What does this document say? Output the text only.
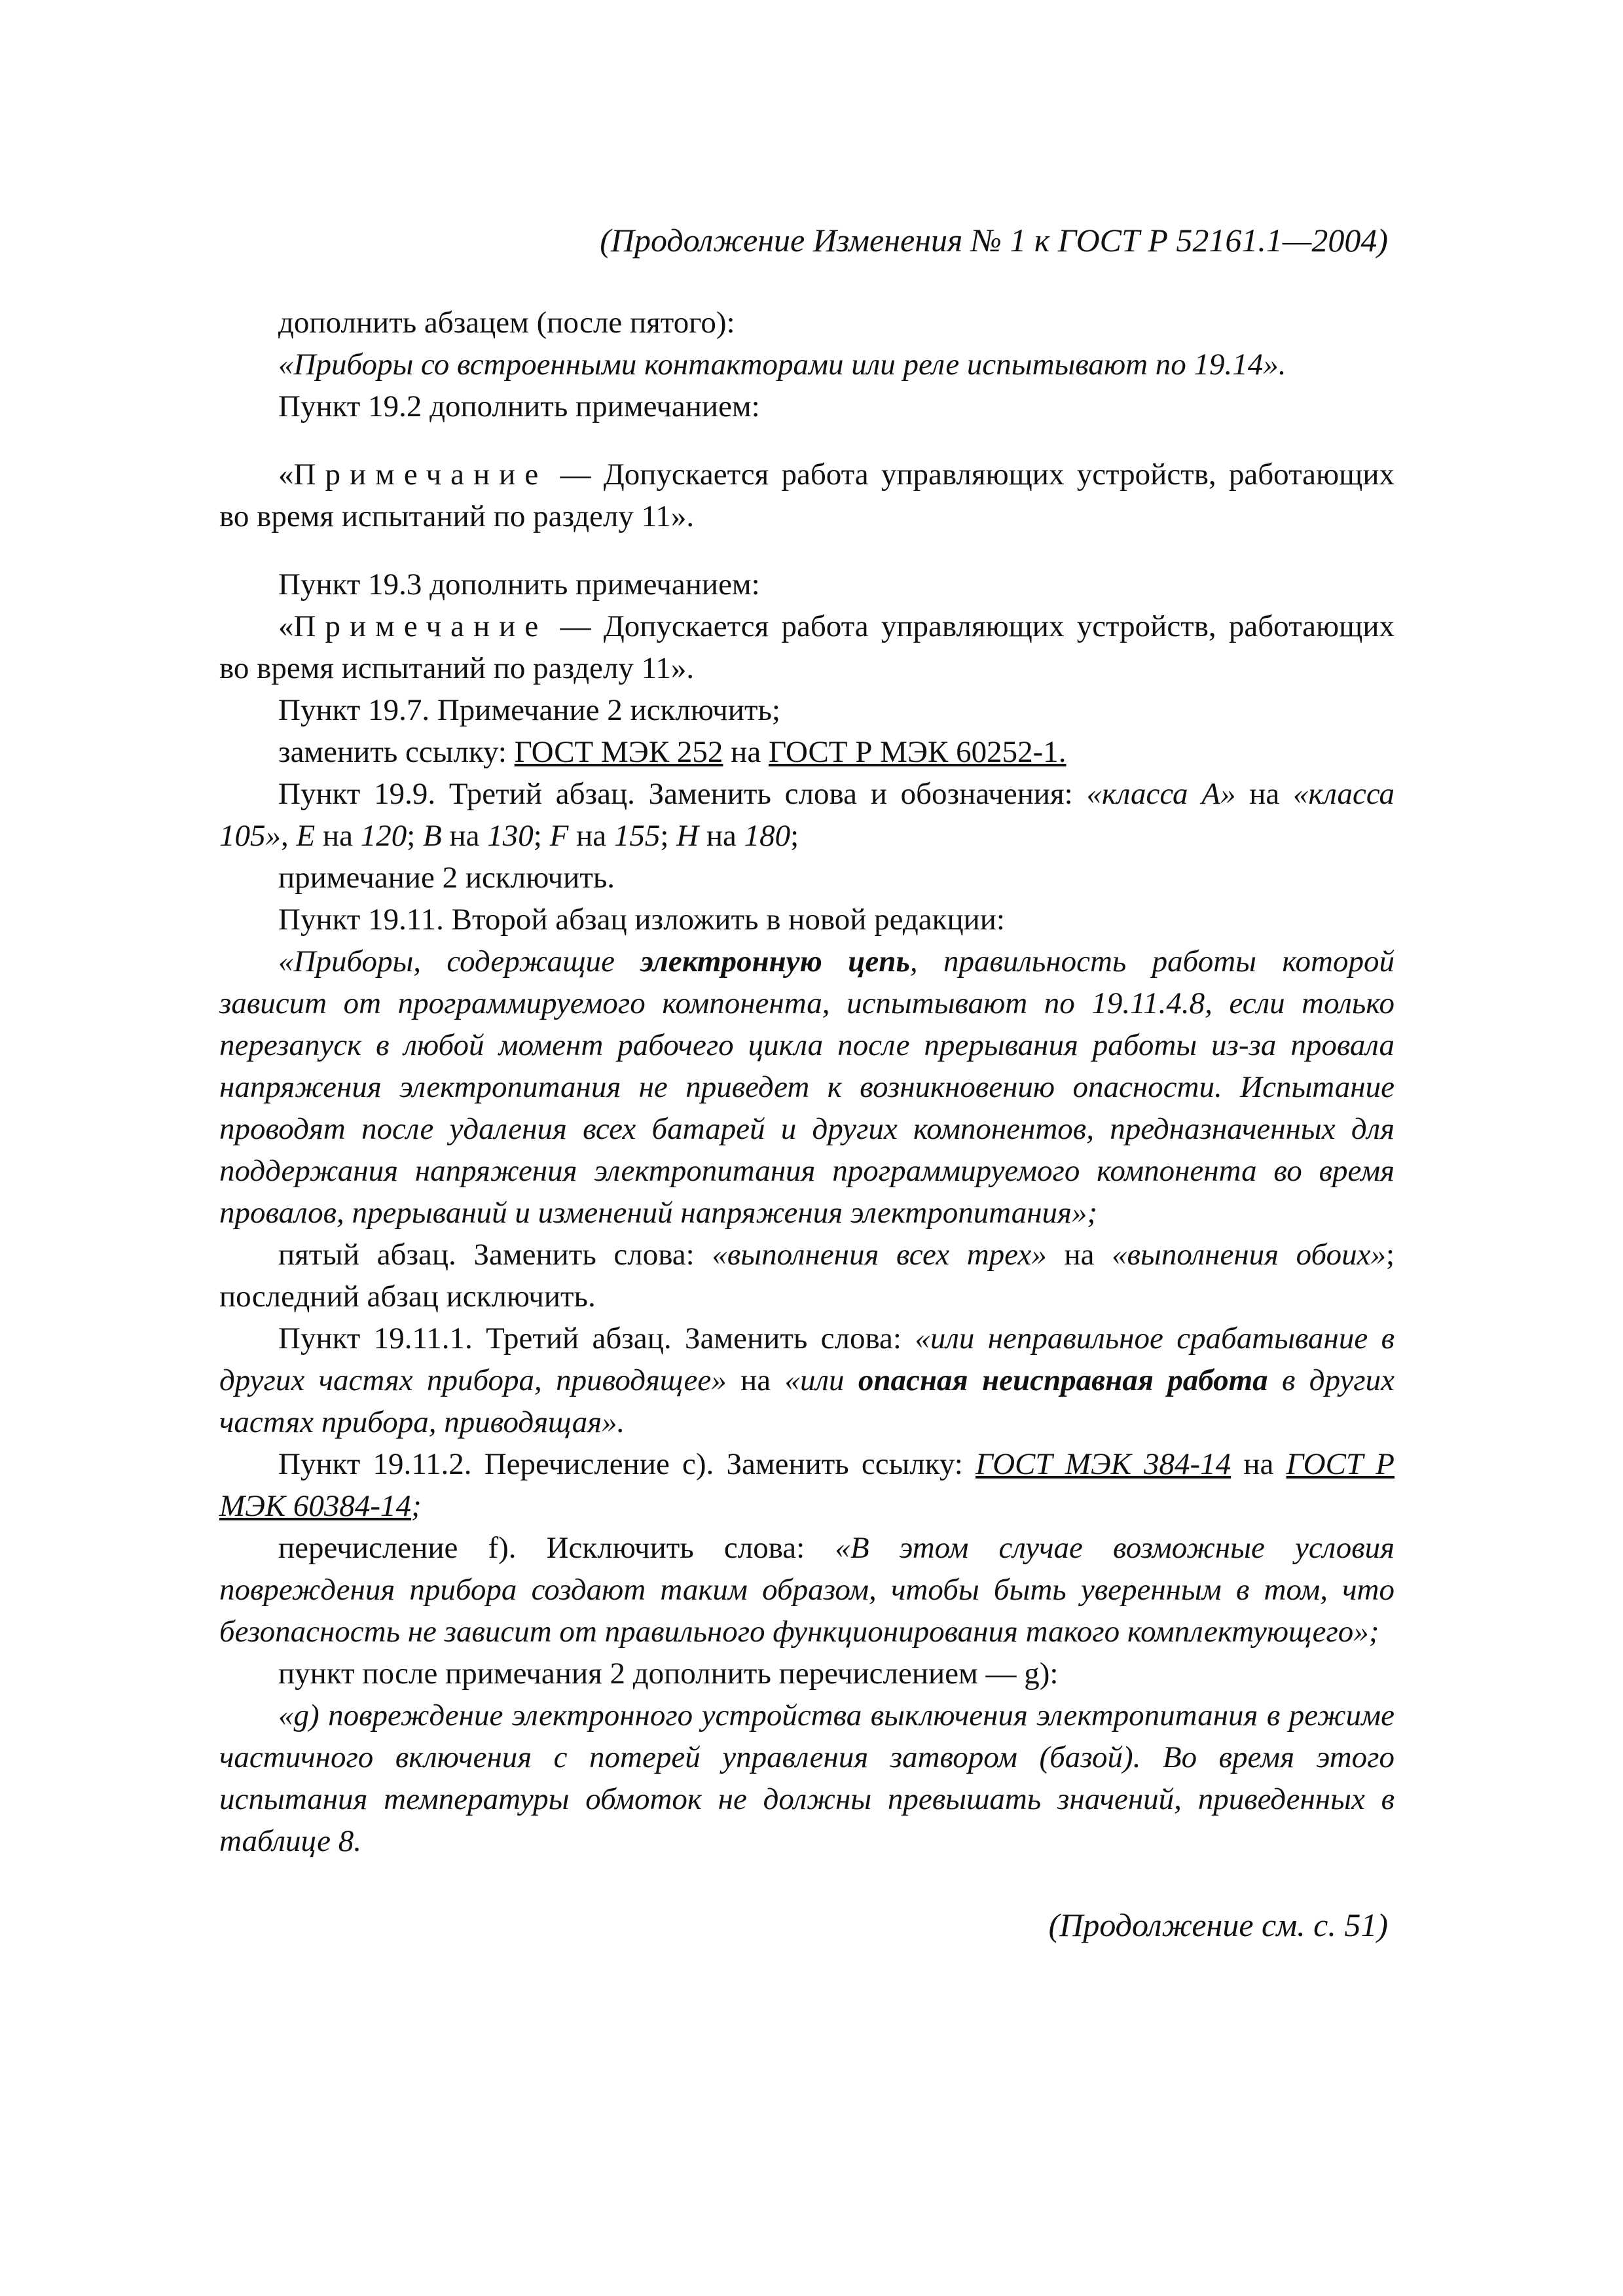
(Продолжение Изменения № 1 к ГОСТ Р 52161.1—2004)

дополнить абзацем (после пятого):

«Приборы со встроенными контакторами или реле испытывают по 19.14».

Пункт 19.2 дополнить примечанием:

«Примечание — Допускается работа управляющих устройств, работающих во время испытаний по разделу 11».

Пункт 19.3 дополнить примечанием:

«Примечание — Допускается работа управляющих устройств, работающих во время испытаний по разделу 11».

Пункт 19.7. Примечание 2 исключить;

заменить ссылку: ГОСТ МЭК 252 на ГОСТ Р МЭК 60252-1.

Пункт 19.9. Третий абзац. Заменить слова и обозначения: «класса А» на «класса 105», Е на 120; В на 130; F на 155; Н на 180;

примечание 2 исключить.

Пункт 19.11. Второй абзац изложить в новой редакции:

«Приборы, содержащие электронную цепь, правильность работы которой зависит от программируемого компонента, испытывают по 19.11.4.8, если только перезапуск в любой момент рабочего цикла после прерывания работы из-за провала напряжения электропитания не приведет к возникновению опасности. Испытание проводят после удаления всех батарей и других компонентов, предназначенных для поддержания напряжения электропитания программируемого компонента во время провалов, прерываний и изменений напряжения электропитания»;

пятый абзац. Заменить слова: «выполнения всех трех» на «выполнения обоих»; последний абзац исключить.

Пункт 19.11.1. Третий абзац. Заменить слова: «или неправильное срабатывание в других частях прибора, приводящее» на «или опасная неисправная работа в других частях прибора, приводящая».

Пункт 19.11.2. Перечисление с). Заменить ссылку: ГОСТ МЭК 384-14 на ГОСТ Р МЭК 60384-14;

перечисление f). Исключить слова: «В этом случае возможные условия повреждения прибора создают таким образом, чтобы быть уверенным в том, что безопасность не зависит от правильного функционирования такого комплектующего»;

пункт после примечания 2 дополнить перечислением — g):

«g) повреждение электронного устройства выключения электропитания в режиме частичного включения с потерей управления затвором (базой). Во время этого испытания температуры обмоток не должны превышать значений, приведенных в таблице 8.

(Продолжение см. с. 51)
